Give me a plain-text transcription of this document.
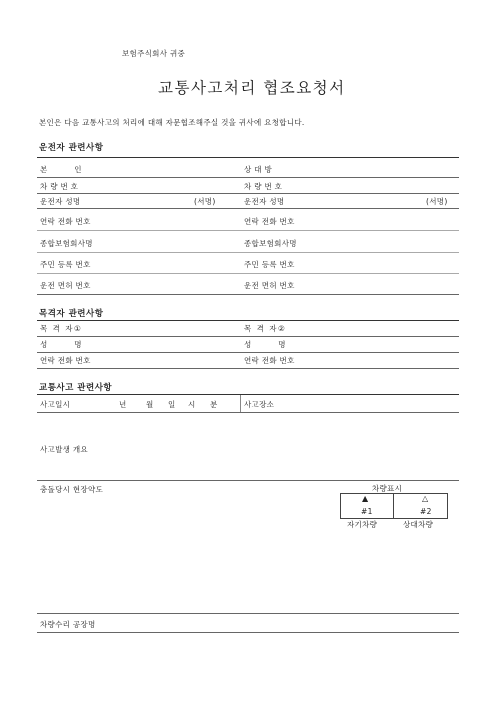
보험주식회사 귀중
교통사고처리 협조요청서
본인은 다음 교통사고의 처리에 대해 자문협조해주실 것을 귀사에 요청합니다.
운전자 관련사항
본 인	상 대 방
차 량 번 호	차 량 번 호
운전자 성명	(서명)	운전자 성명	(서명)
연락 전화 번호	연락 전화 번호
종합보험회사명	종합보험회사명
주민 등록 번호	주민 등록 번호
운전 면허 번호	운전 면허 번호
목격자 관련사항
목 격 자①	목 격 자②
성 명	성 명
연락 전화 번호	연락 전화 번호
교통사고 관련사항
사고일시	년	월 일 시 분	사고장소
사고발생 개요
충돌당시 현장약도	차량표시
▲	△
#1	#2
자기차량	상대차량
차량수리 공장명
